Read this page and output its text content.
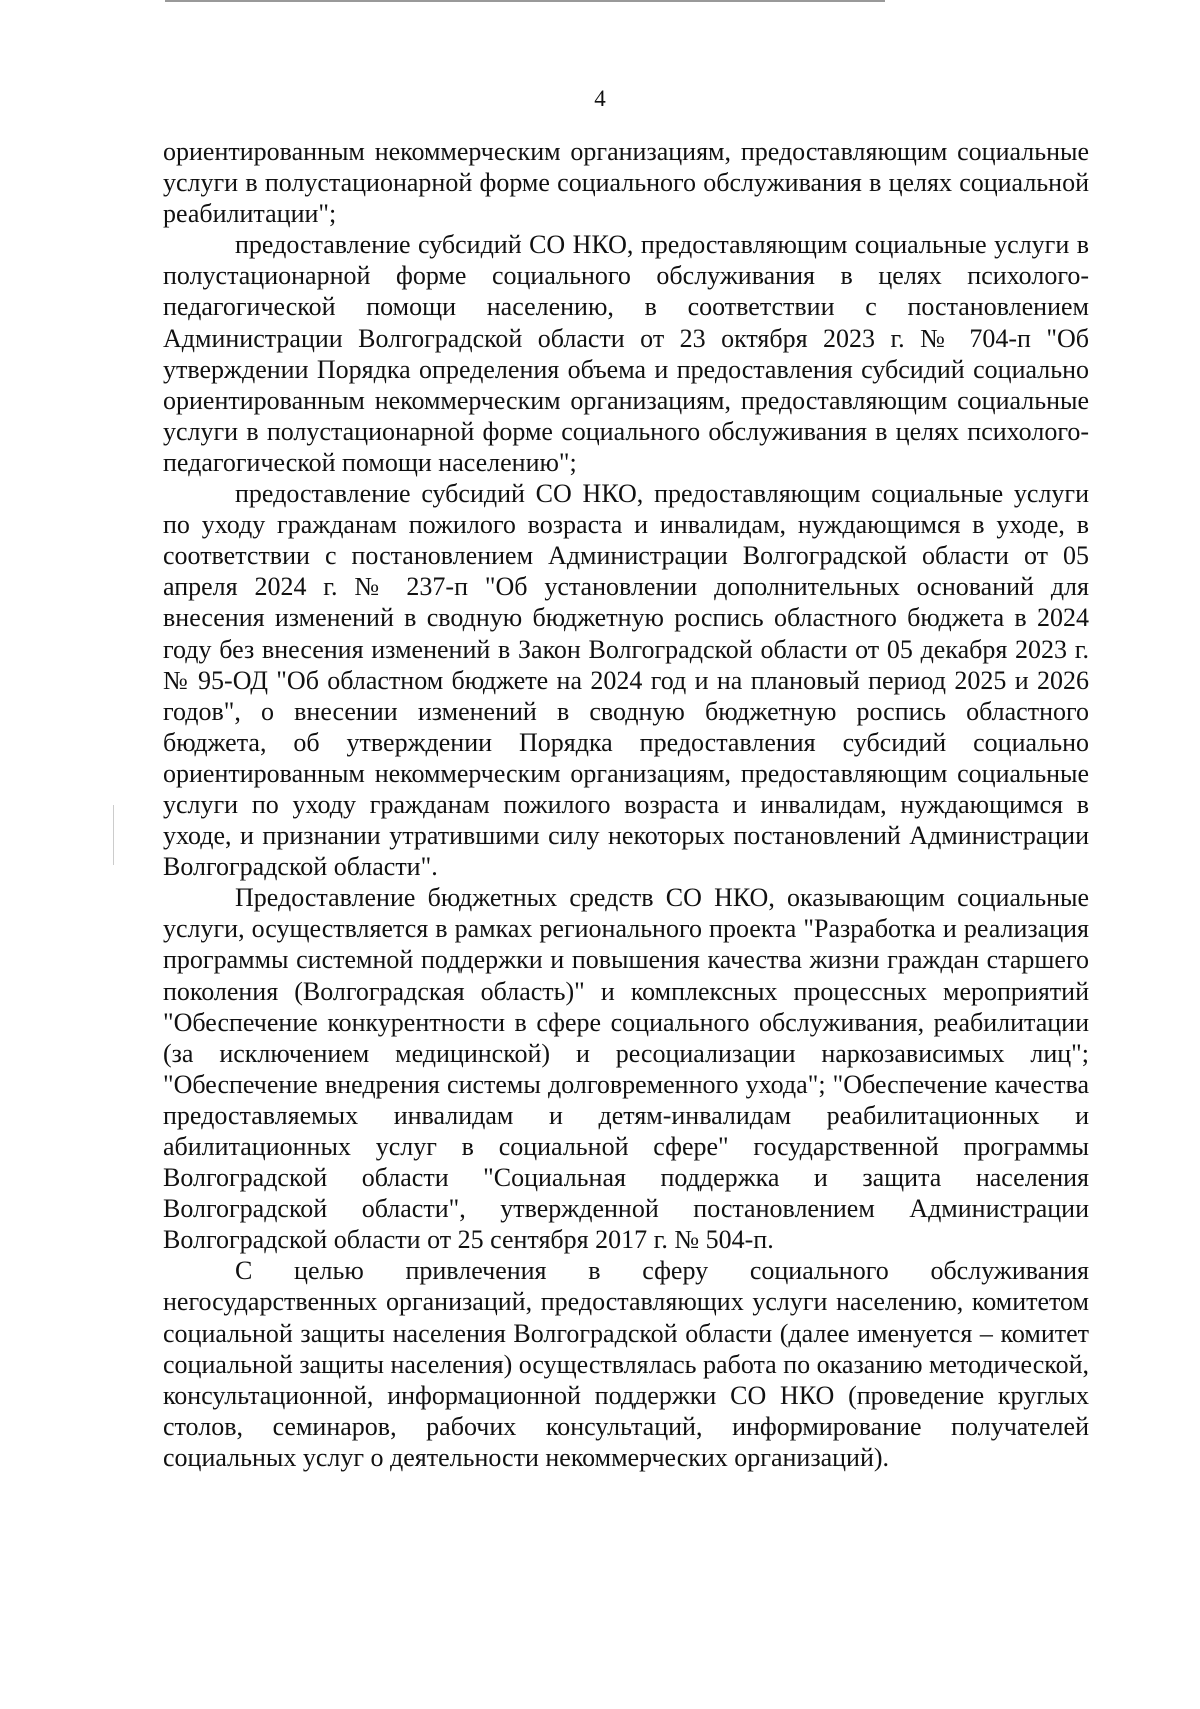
4

ориентированным некоммерческим организациям, предоставляющим социальные услуги в полустационарной форме социального обслуживания в целях социальной реабилитации";

предоставление субсидий СО НКО, предоставляющим социальные услуги в полустационарной форме социального обслуживания в целях психолого-педагогической помощи населению, в соответствии с постановлением Администрации Волгоградской области от 23 октября 2023 г. № 704-п "Об утверждении Порядка определения объема и предоставления субсидий социально ориентированным некоммерческим организациям, предоставляющим социальные услуги в полустационарной форме социального обслуживания в целях психолого-педагогической помощи населению";

предоставление субсидий СО НКО, предоставляющим социальные услуги по уходу гражданам пожилого возраста и инвалидам, нуждающимся в уходе, в соответствии с постановлением Администрации Волгоградской области от 05 апреля 2024 г. № 237-п "Об установлении дополнительных оснований для внесения изменений в сводную бюджетную роспись областного бюджета в 2024 году без внесения изменений в Закон Волгоградской области от 05 декабря 2023 г. № 95-ОД "Об областном бюджете на 2024 год и на плановый период 2025 и 2026 годов", о внесении изменений в сводную бюджетную роспись областного бюджета, об утверждении Порядка предоставления субсидий социально ориентированным некоммерческим организациям, предоставляющим социальные услуги по уходу гражданам пожилого возраста и инвалидам, нуждающимся в уходе, и признании утратившими силу некоторых постановлений Администрации Волгоградской области".

Предоставление бюджетных средств СО НКО, оказывающим социальные услуги, осуществляется в рамках регионального проекта "Разработка и реализация программы системной поддержки и повышения качества жизни граждан старшего поколения (Волгоградская область)" и комплексных процессных мероприятий "Обеспечение конкурентности в сфере социального обслуживания, реабилитации (за исключением медицинской) и ресоциализации наркозависимых лиц"; "Обеспечение внедрения системы долговременного ухода"; "Обеспечение качества предоставляемых инвалидам и детям-инвалидам реабилитационных и абилитационных услуг в социальной сфере" государственной программы Волгоградской области "Социальная поддержка и защита населения Волгоградской области", утвержденной постановлением Администрации Волгоградской области от 25 сентября 2017 г. № 504-п.

С целью привлечения в сферу социального обслуживания негосударственных организаций, предоставляющих услуги населению, комитетом социальной защиты населения Волгоградской области (далее именуется – комитет социальной защиты населения) осуществлялась работа по оказанию методической, консультационной, информационной поддержки СО НКО (проведение круглых столов, семинаров, рабочих консультаций, информирование получателей социальных услуг о деятельности некоммерческих организаций).
